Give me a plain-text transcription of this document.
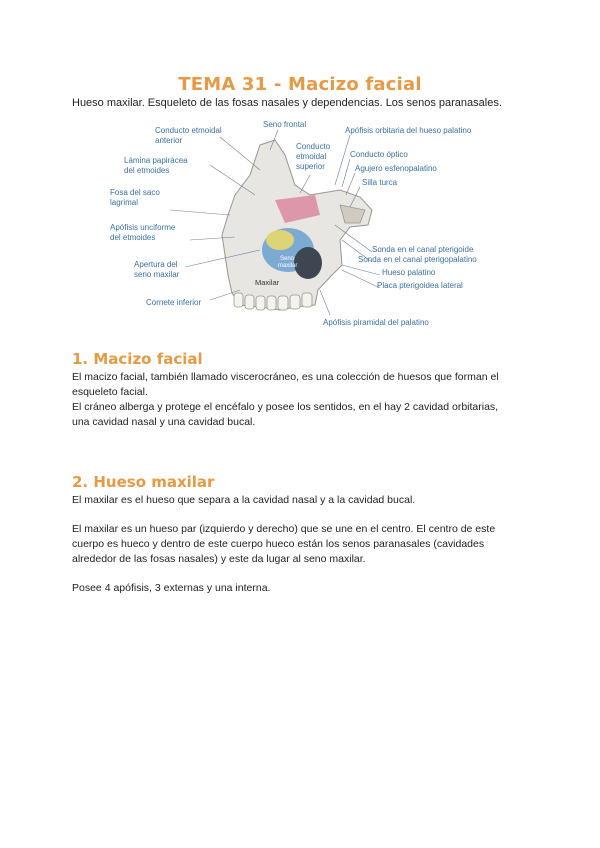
TEMA 31 - Macizo facial
Hueso maxilar. Esqueleto de las fosas nasales y dependencias. Los senos paranasales.
Conducto etmoidal
anterior
Lámina papirácea
del etmoides
Fosa del saco
lagrimal
Apófisis unciforme
del etmoides
Apertura del
seno maxilar
Cornete inferior
Seno frontal
Conducto
etmoidal
superior
Apófisis orbitaria del hueso palatino
Conducto óptico
Agujero esfenopalatino
Silla turca
Sonda en el canal pterigoide
Sonda en el canal pterigopalatino
Hueso palatino
Placa pterigoidea lateral
Apófisis piramidal del palatino
Seno
maxilar
Maxilar
1. Macizo facial
El macizo facial, también llamado viscerocráneo, es una colección de huesos que forman el
esqueleto facial.
El cráneo alberga y protege el encéfalo y posee los sentidos, en el hay 2 cavidad orbitarias,
una cavidad nasal y una cavidad bucal.
2. Hueso maxilar
El maxilar es el hueso que separa a la cavidad nasal y a la cavidad bucal.
El maxilar es un hueso par (izquierdo y derecho) que se une en el centro. El centro de este
cuerpo es hueco y dentro de este cuerpo hueco están los senos paranasales (cavidades
alrededor de las fosas nasales) y este da lugar al seno maxilar.
Posee 4 apófisis, 3 externas y una interna.
